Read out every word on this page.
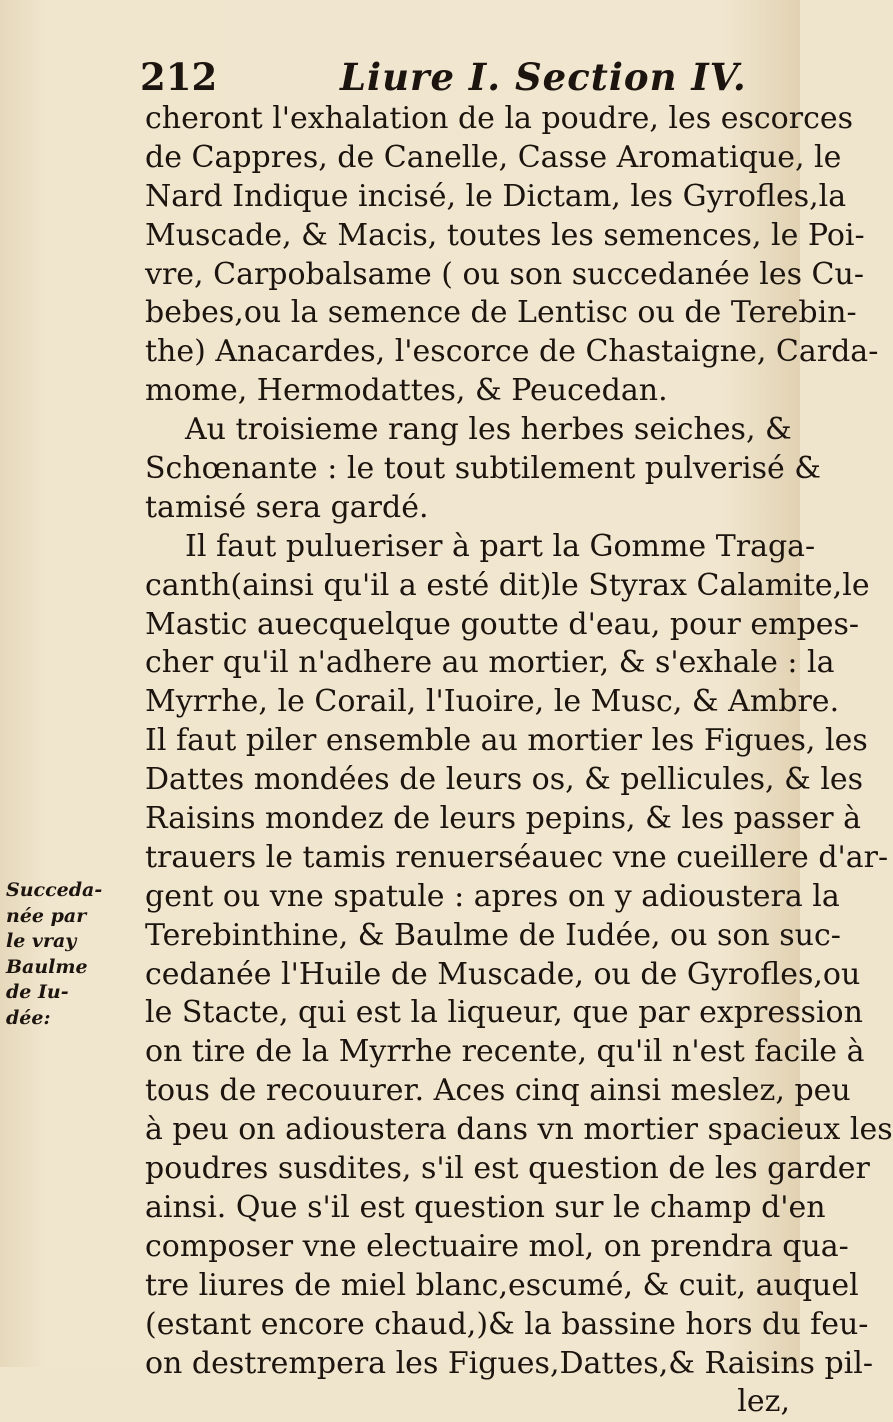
212	Liure I. Section IV.
cheront l'exhalation de la poudre, les escorces
de Cappres, de Canelle, Casse Aromatique, le
Nard Indique incisé, le Dictam, les Gyrofles,la
Muscade, & Macis, toutes les semences, le Poi-
vre, Carpobalsame ( ou son succedanée les Cu-
bebes,ou la semence de Lentisc ou de Terebin-
the) Anacardes, l'escorce de Chastaigne, Carda-
mome, Hermodattes, & Peucedan.
Au troisieme rang les herbes seiches, &
Schœnante : le tout subtilement pulverisé &
tamisé sera gardé.
Il faut pulueriser à part la Gomme Traga-
canth(ainsi qu'il a esté dit)le Styrax Calamite,le
Mastic auecquelque goutte d'eau, pour empes-
cher qu'il n'adhere au mortier, & s'exhale : la
Myrrhe, le Corail, l'Iuoire, le Musc, & Ambre.
Il faut piler ensemble au mortier les Figues, les
Dattes mondées de leurs os, & pellicules, & les
Raisins mondez de leurs pepins, & les passer à
trauers le tamis renuerséauec vne cueillere d'ar-
gent ou vne spatule : apres on y adioustera la
Terebinthine, & Baulme de Iudée, ou son suc-
cedanée l'Huile de Muscade, ou de Gyrofles,ou
le Stacte, qui est la liqueur, que par expression
on tire de la Myrrhe recente, qu'il n'est facile à
tous de recouurer. Aces cinq ainsi meslez, peu
à peu on adioustera dans vn mortier spacieux les
poudres susdites, s'il est question de les garder
ainsi. Que s'il est question sur le champ d'en
composer vne electuaire mol, on prendra qua-
tre liures de miel blanc,escumé, & cuit, auquel
(estant encore chaud,)& la bassine hors du feu-
on destrempera les Figues,Dattes,& Raisins pil-
lez,
Succeda-
née par
le vray
Baulme
de Iu-
dée:
